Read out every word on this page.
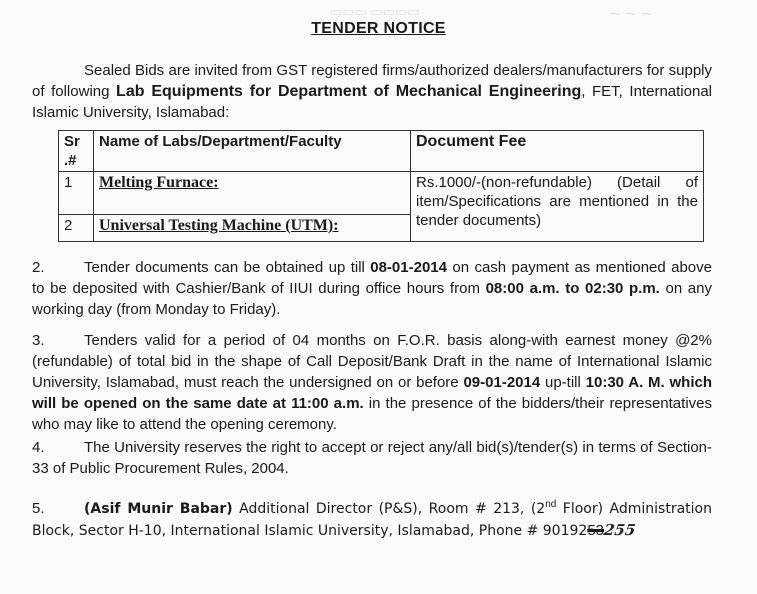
▭▭▭ ▭▭▭▭	~ ~ ~
TENDER NOTICE

Sealed Bids are invited from GST registered firms/authorized dealers/manufacturers for supply of following Lab Equipments for Department of Mechanical Engineering, FET, International Islamic University, Islamabad:

Sr .#	Name of Labs/Department/Faculty	Document Fee
1	Melting Furnace:	Rs.1000/-(non-refundable) (Detail of item/Specifications are mentioned in the tender documents)
2	Universal Testing Machine (UTM):	

2.	Tender documents can be obtained up till 08-01-2014 on cash payment as mentioned above to be deposited with Cashier/Bank of IIUI during office hours from 08:00 a.m. to 02:30 p.m. on any working day (from Monday to Friday).

3.	Tenders valid for a period of 04 months on F.O.R. basis along-with earnest money @2% (refundable) of total bid in the shape of Call Deposit/Bank Draft in the name of International Islamic University, Islamabad, must reach the undersigned on or before 09-01-2014 up-till 10:30 A. M. which will be opened on the same date at 11:00 a.m. in the presence of the bidders/their representatives who may like to attend the opening ceremony.

4.	The University reserves the right to accept or reject any/all bid(s)/tender(s) in terms of Section-33 of Public Procurement Rules, 2004.

5.	(Asif Munir Babar) Additional Director (P&S), Room # 213, (2nd Floor) Administration Block, Sector H-10, International Islamic University, Islamabad, Phone # 9019253255
